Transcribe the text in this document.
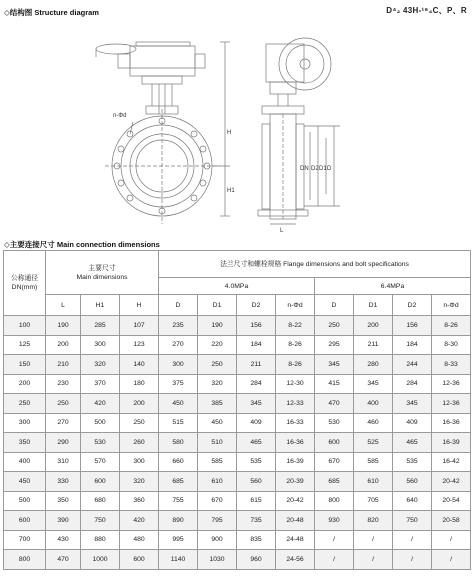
◇结构图 Structure diagram	D⁴₂ 43H-¹⁶₄C、P、R
n-Φd
H
H1
DN D2 D1 D
L
◇主要连接尺寸 Main connection dimensions
公称通径
DN(mm)	主要尺寸
Main dimensions			法兰尺寸和螺栓规格 Flange dimensions and bolt specifications							
				4.0MPa				6.4MPa			
	L	H1	H	D	D1	D2	n-Φd	D	D1	D2	n-Φd
100	190	285	107	235	190	156	8-22	250	200	156	8-26
125	200	300	123	270	220	184	8-26	295	211	184	8-30
150	210	320	140	300	250	211	8-26	345	280	244	8-33
200	230	370	180	375	320	284	12-30	415	345	284	12-36
250	250	420	200	450	385	345	12-33	470	400	345	12-36
300	270	500	250	515	450	409	16-33	530	460	409	16-36
350	290	530	260	580	510	465	16-36	600	525	465	16-39
400	310	570	300	660	585	535	16-39	670	585	535	16-42
450	330	600	320	685	610	560	20-39	685	610	560	20-42
500	350	680	360	755	670	615	20-42	800	705	640	20-54
600	390	750	420	890	795	735	20-48	930	820	750	20-58
700	430	880	480	995	900	835	24-48	/	/	/	/
800	470	1000	600	1140	1030	960	24-56	/	/	/	/
